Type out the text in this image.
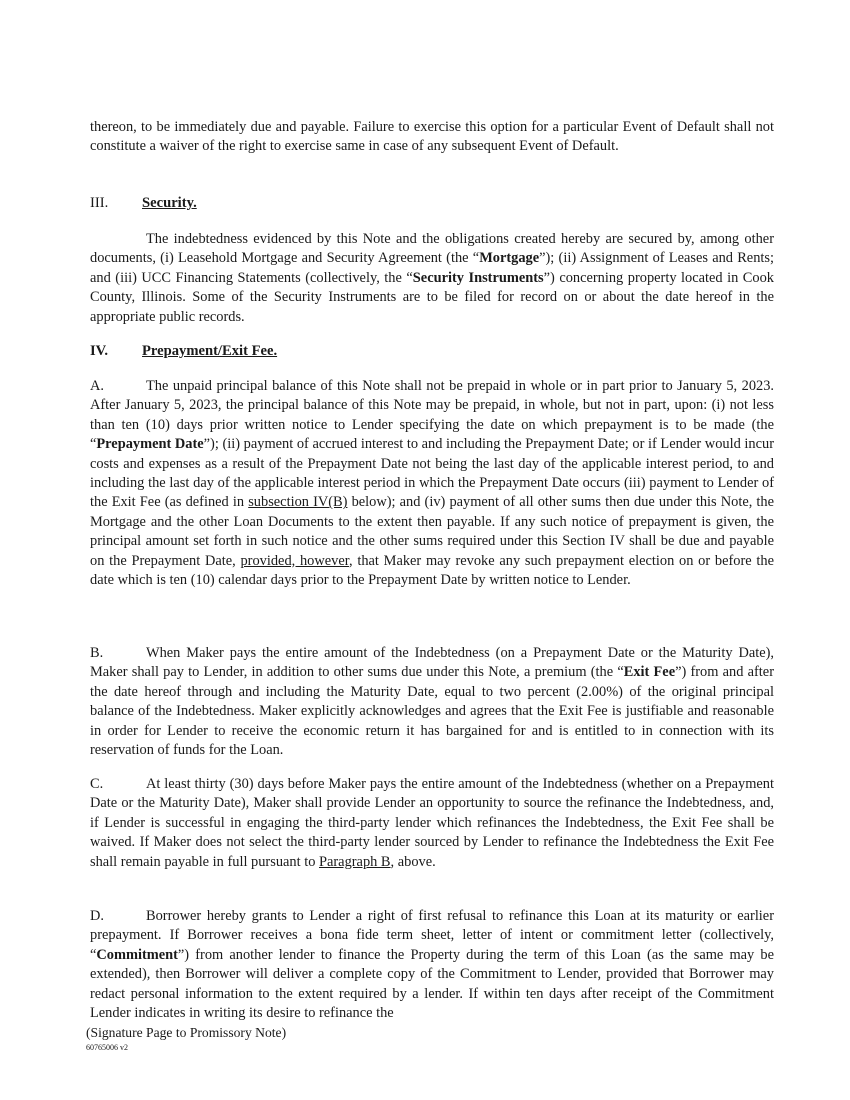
thereon, to be immediately due and payable. Failure to exercise this option for a particular Event of Default shall not constitute a waiver of the right to exercise same in case of any subsequent Event of Default.

III. Security.

The indebtedness evidenced by this Note and the obligations created hereby are secured by, among other documents, (i) Leasehold Mortgage and Security Agreement (the “Mortgage”); (ii) Assignment of Leases and Rents; and (iii) UCC Financing Statements (collectively, the “Security Instruments”) concerning property located in Cook County, Illinois. Some of the Security Instruments are to be filed for record on or about the date hereof in the appropriate public records.

IV. Prepayment/Exit Fee.

A.	The unpaid principal balance of this Note shall not be prepaid in whole or in part prior to January 5, 2023. After January 5, 2023, the principal balance of this Note may be prepaid, in whole, but not in part, upon: (i) not less than ten (10) days prior written notice to Lender specifying the date on which prepayment is to be made (the “Prepayment Date”); (ii) payment of accrued interest to and including the Prepayment Date; or if Lender would incur costs and expenses as a result of the Prepayment Date not being the last day of the applicable interest period, to and including the last day of the applicable interest period in which the Prepayment Date occurs (iii) payment to Lender of the Exit Fee (as defined in subsection IV(B) below); and (iv) payment of all other sums then due under this Note, the Mortgage and the other Loan Documents to the extent then payable. If any such notice of prepayment is given, the principal amount set forth in such notice and the other sums required under this Section IV shall be due and payable on the Prepayment Date, provided, however, that Maker may revoke any such prepayment election on or before the date which is ten (10) calendar days prior to the Prepayment Date by written notice to Lender.

B.	When Maker pays the entire amount of the Indebtedness (on a Prepayment Date or the Maturity Date), Maker shall pay to Lender, in addition to other sums due under this Note, a premium (the “Exit Fee”) from and after the date hereof through and including the Maturity Date, equal to two percent (2.00%) of the original principal balance of the Indebtedness. Maker explicitly acknowledges and agrees that the Exit Fee is justifiable and reasonable in order for Lender to receive the economic return it has bargained for and is entitled to in connection with its reservation of funds for the Loan.

C.	At least thirty (30) days before Maker pays the entire amount of the Indebtedness (whether on a Prepayment Date or the Maturity Date), Maker shall provide Lender an opportunity to source the refinance the Indebtedness, and, if Lender is successful in engaging the third-party lender which refinances the Indebtedness, the Exit Fee shall be waived. If Maker does not select the third-party lender sourced by Lender to refinance the Indebtedness the Exit Fee shall remain payable in full pursuant to Paragraph B, above.

D.	Borrower hereby grants to Lender a right of first refusal to refinance this Loan at its maturity or earlier prepayment. If Borrower receives a bona fide term sheet, letter of intent or commitment letter (collectively, “Commitment”) from another lender to finance the Property during the term of this Loan (as the same may be extended), then Borrower will deliver a complete copy of the Commitment to Lender, provided that Borrower may redact personal information to the extent required by a lender. If within ten days after receipt of the Commitment Lender indicates in writing its desire to refinance the

(Signature Page to Promissory Note)
60765006 v2
